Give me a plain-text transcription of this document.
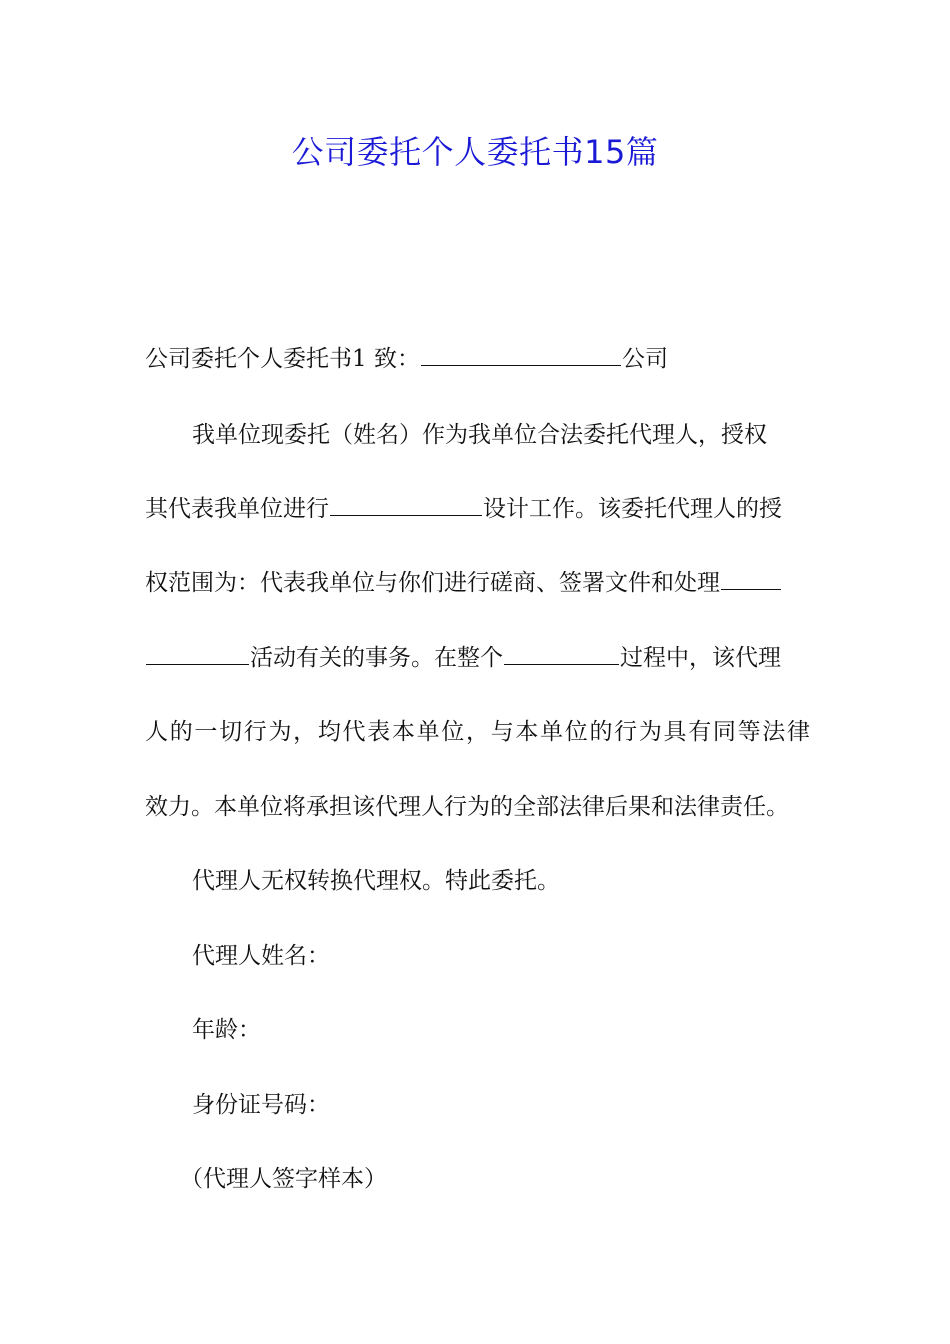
公司委托个人委托书15篇
公司委托个人委托书1 致：	公司
我单位现委托（姓名）作为我单位合法委托代理人，授权
其代表我单位进行	设计工作。该委托代理人的授
权范围为：代表我单位与你们进行磋商、签署文件和处理
活动有关的事务。在整个	过程中，该代理
人的一切行为，均代表本单位，与本单位的行为具有同等法律
效力。本单位将承担该代理人行为的全部法律后果和法律责任。
代理人无权转换代理权。特此委托。
代理人姓名：
年龄：
身份证号码：
（代理人签字样本）
